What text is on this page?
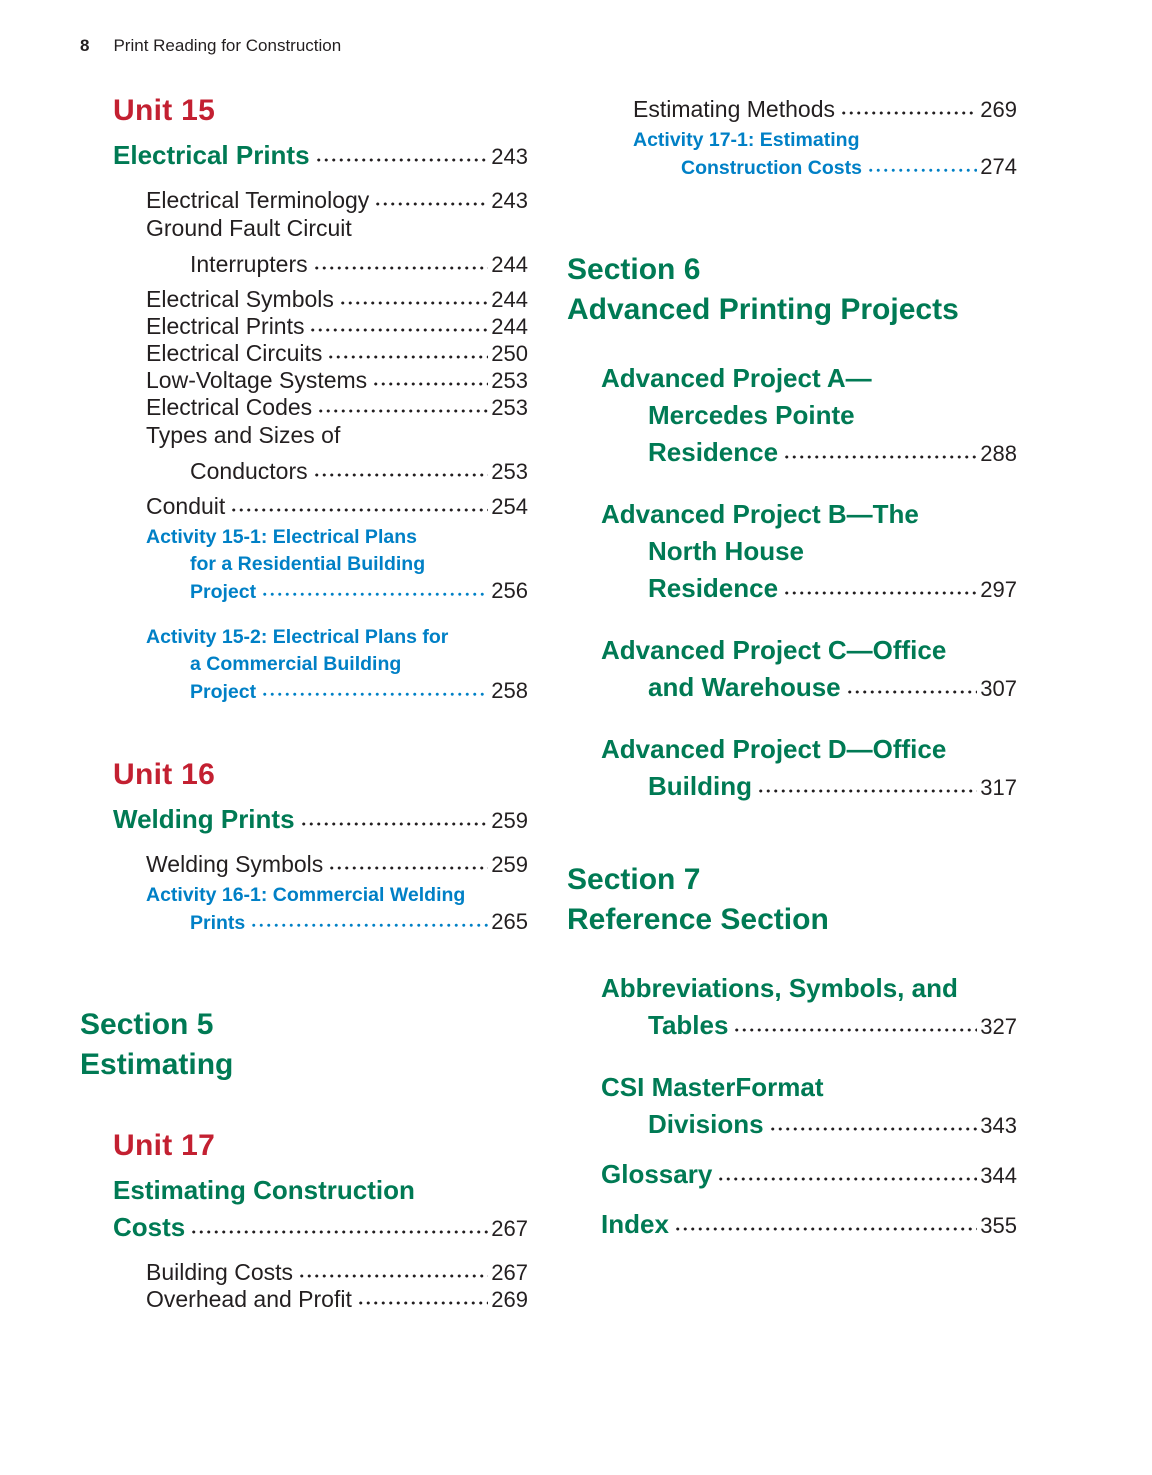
8 Print Reading for Construction
Unit 15
Electrical Prints	243
Electrical Terminology	243
Ground Fault Circuit
Interrupters	244
Electrical Symbols	244
Electrical Prints	244
Electrical Circuits	250
Low-Voltage Systems	253
Electrical Codes	253
Types and Sizes of
Conductors	253
Conduit	254
Activity 15-1: Electrical Plans
for a Residential Building
Project	256
Activity 15-2: Electrical Plans for
a Commercial Building
Project	258
Unit 16
Welding Prints	259
Welding Symbols	259
Activity 16-1: Commercial Welding
Prints	265
Section 5
Estimating
Unit 17
Estimating Construction
Costs	267
Building Costs	267
Overhead and Profit	269
Estimating Methods	269
Activity 17-1: Estimating
Construction Costs	274
Section 6
Advanced Printing Projects
Advanced Project A—
Mercedes Pointe
Residence	288
Advanced Project B—The
North House
Residence	297
Advanced Project C—Office
and Warehouse	307
Advanced Project D—Office
Building	317
Section 7
Reference Section
Abbreviations, Symbols, and
Tables	327
CSI MasterFormat
Divisions	343
Glossary	344
Index	355
